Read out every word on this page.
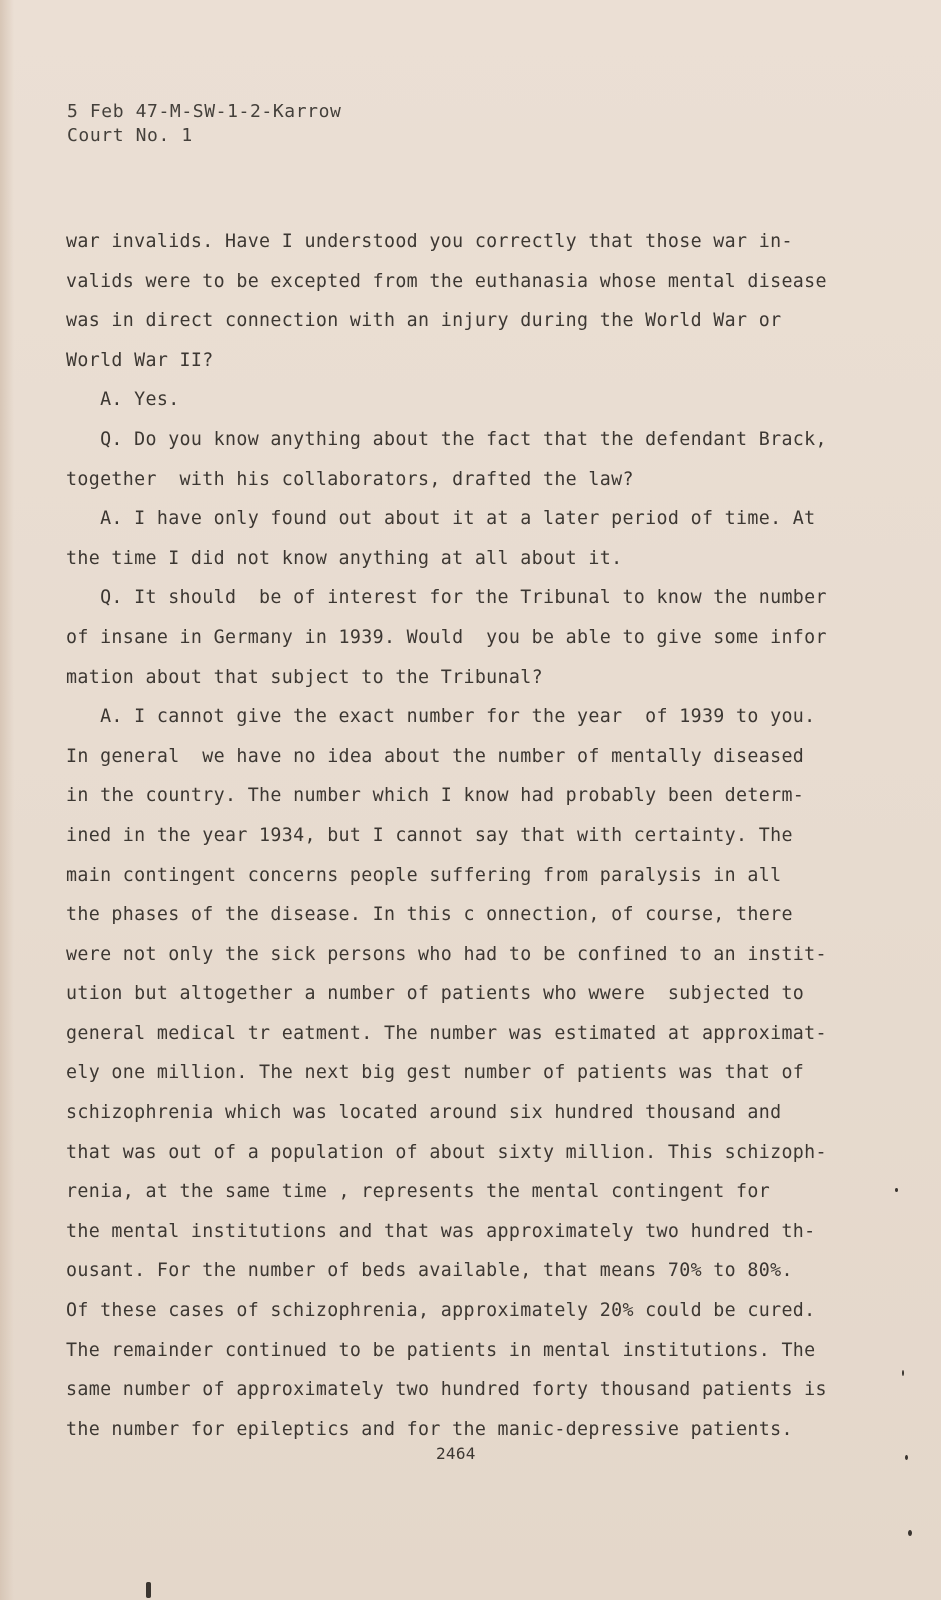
5 Feb 47-M-SW-1-2-Karrow
Court No. 1
war invalids. Have I understood you correctly that those war in-
valids were to be excepted from the euthanasia whose mental disease
was in direct connection with an injury during the World War or
World War II?
A. Yes.
Q. Do you know anything about the fact that the defendant Brack,
together  with his collaborators, drafted the law?
A. I have only found out about it at a later period of time. At
the time I did not know anything at all about it.
Q. It should  be of interest for the Tribunal to know the number
of insane in Germany in 1939. Would  you be able to give some infor
mation about that subject to the Tribunal?
A. I cannot give the exact number for the year  of 1939 to you.
In general  we have no idea about the number of mentally diseased
in the country. The number which I know had probably been determ-
ined in the year 1934, but I cannot say that with certainty. The
main contingent concerns people suffering from paralysis in all
the phases of the disease. In this c onnection, of course, there
were not only the sick persons who had to be confined to an instit-
ution but altogether a number of patients who wwere  subjected to
general medical tr eatment. The number was estimated at approximat-
ely one million. The next big gest number of patients was that of
schizophrenia which was located around six hundred thousand and
that was out of a population of about sixty million. This schizoph-
renia, at the same time , represents the mental contingent for
the mental institutions and that was approximately two hundred th-
ousant. For the number of beds available, that means 70% to 80%.
Of these cases of schizophrenia, approximately 20% could be cured.
The remainder continued to be patients in mental institutions. The
same number of approximately two hundred forty thousand patients is
the number for epileptics and for the manic-depressive patients.
2464
